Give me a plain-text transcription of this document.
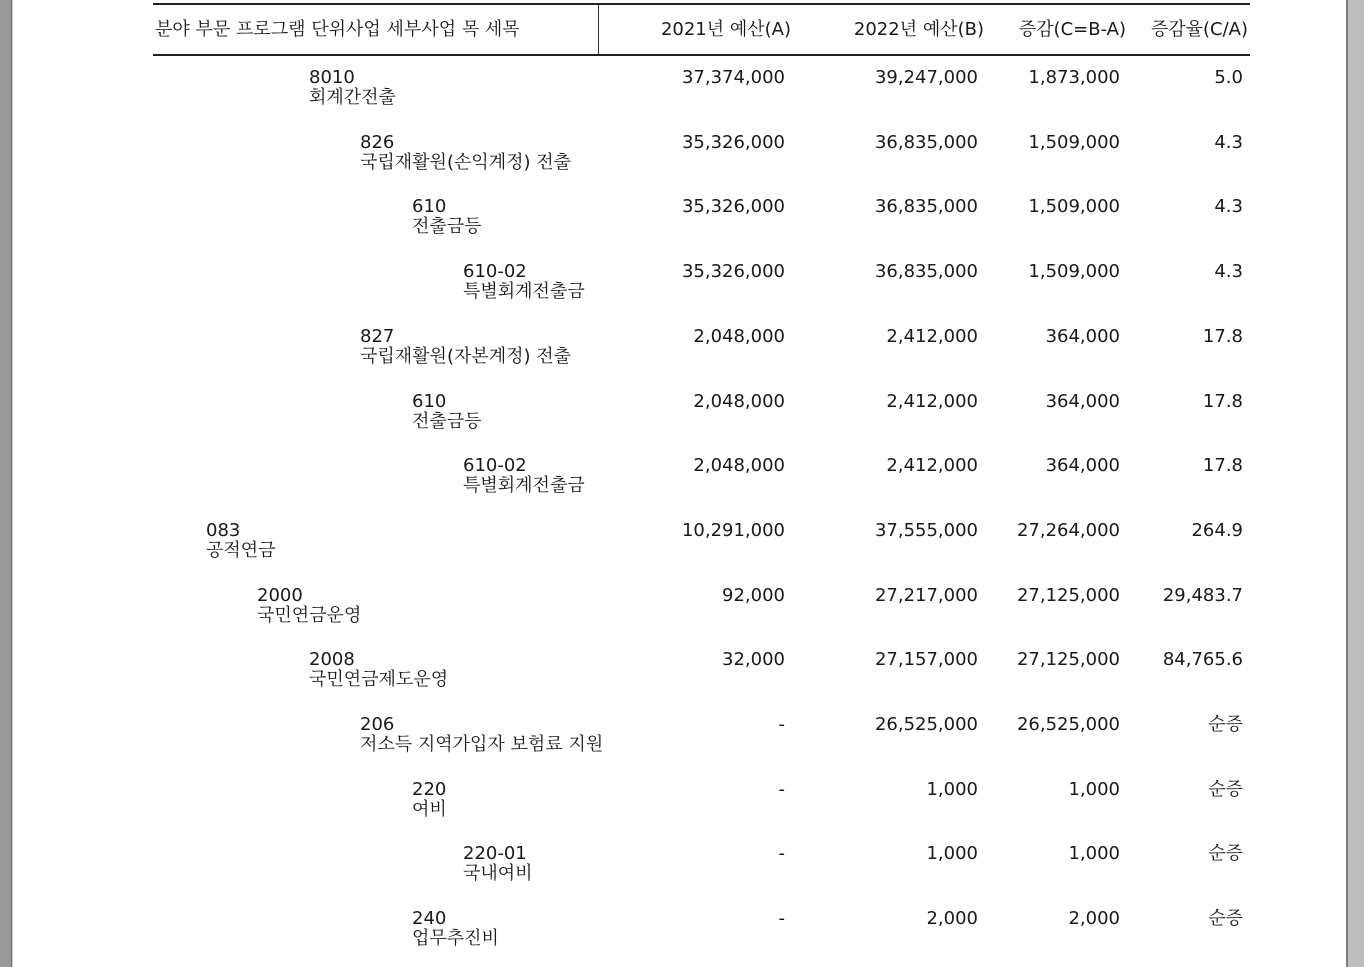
분야 부문 프로그램 단위사업 세부사업 목 세목	2021년 예산(A)	2022년 예산(B) 증감(C=B-A) 증감율(C/A)
8010
회계간전출
37,374,000	39,247,000	1,873,000	5.0
826
국립재활원(손익계정) 전출
35,326,000	36,835,000	1,509,000	4.3
610
전출금등
35,326,000	36,835,000	1,509,000	4.3
610-02
특별회계전출금
35,326,000	36,835,000	1,509,000	4.3
827
국립재활원(자본계정) 전출
2,048,000	2,412,000	364,000	17.8
610
전출금등
2,048,000	2,412,000	364,000	17.8
610-02
특별회계전출금
2,048,000	2,412,000	364,000	17.8
083
공적연금
10,291,000	37,555,000 27,264,000	264.9
2000
국민연금운영
92,000	27,217,000 27,125,000 29,483.7
2008
국민연금제도운영
32,000	27,157,000 27,125,000 84,765.6
206
저소득 지역가입자 보험료 지원
-	26,525,000 26,525,000	순증
220
여비
-	1,000	1,000	순증
220-01
국내여비
-	1,000	1,000	순증
240
업무추진비
-	2,000	2,000	순증
